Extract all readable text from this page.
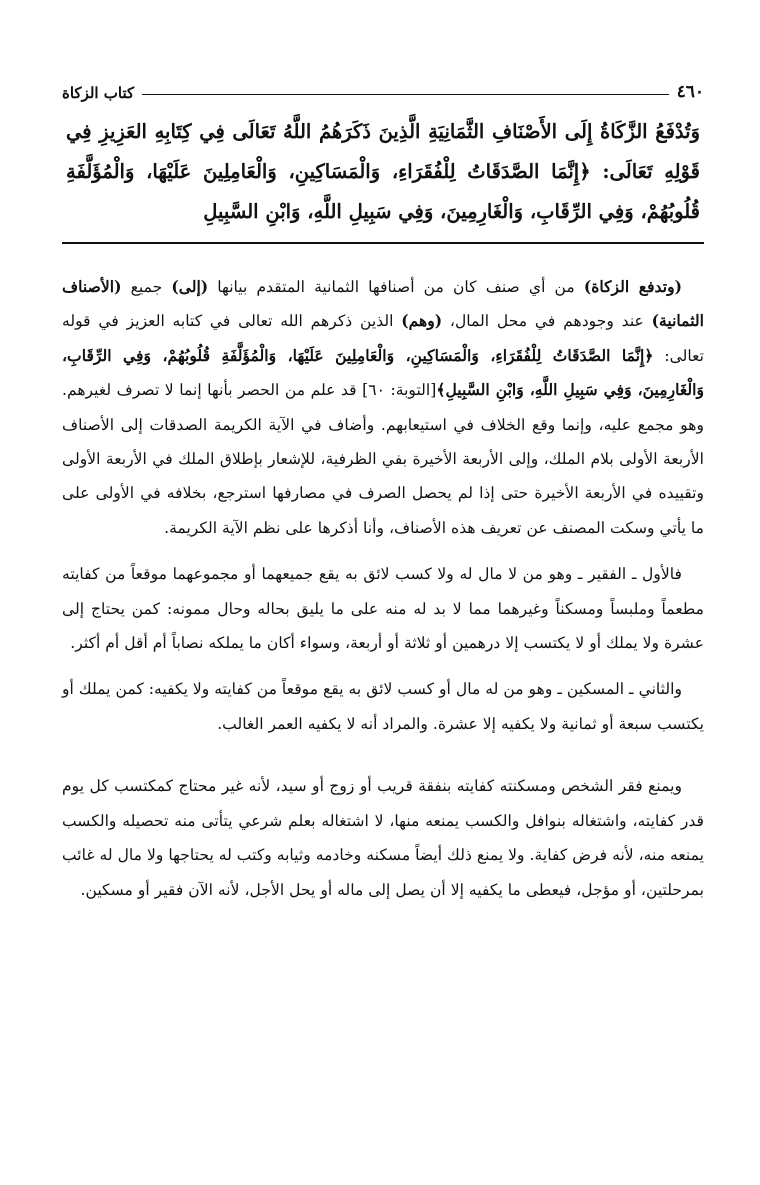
٤٦٠
كتاب الزكاة
وَتُدْفَعُ الزَّكَاةُ إِلَى الأَصْنَافِ الثَّمَانِيَةِ الَّذِينَ ذَكَرَهُمُ اللَّهُ تَعَالَى فِي كِتَابِهِ العَزِيزِ فِي قَوْلِهِ تَعَالَى: ﴿إِنَّمَا الصَّدَقَاتُ لِلْفُقَرَاءِ، وَالْمَسَاكِينِ، وَالْعَامِلِينَ عَلَيْهَا، وَالْمُؤَلَّفَةِ قُلُوبُهُمْ، وَفِي الرِّقَابِ، وَالْغَارِمِينَ، وَفِي سَبِيلِ اللَّهِ، وَابْنِ السَّبِيلِ

(وتدفع الزكاة) من أي صنف كان من أصنافها الثمانية المتقدم بيانها (إلى) جميع (الأصناف الثمانية) عند وجودهم في محل المال، (وهم) الذين ذكرهم الله تعالى في كتابه العزيز في قوله تعالى: ﴿إِنَّمَا الصَّدَقَاتُ لِلْفُقَرَاءِ، وَالْمَسَاكِينِ، وَالْعَامِلِينَ عَلَيْهَا، وَالْمُؤَلَّفَةِ قُلُوبُهُمْ، وَفِي الرِّقَابِ، وَالْغَارِمِينَ، وَفِي سَبِيلِ اللَّهِ، وَابْنِ السَّبِيلِ﴾[التوبة: ٦٠] قد علم من الحصر بأنها إنما لا تصرف لغيرهم. وهو مجمع عليه، وإنما وقع الخلاف في استيعابهم. وأضاف في الآية الكريمة الصدقات إلى الأصناف الأربعة الأولى بلام الملك، وإلى الأربعة الأخيرة بفي الظرفية، للإشعار بإطلاق الملك في الأربعة الأولى وتقييده في الأربعة الأخيرة حتى إذا لم يحصل الصرف في مصارفها استرجع، بخلافه في الأولى على ما يأتي وسكت المصنف عن تعريف هذه الأصناف، وأنا أذكرها على نظم الآية الكريمة.

فالأول ـ الفقير ـ وهو من لا مال له ولا كسب لائق به يقع جميعهما أو مجموعهما موقعاً من كفايته مطعماً وملبساً ومسكناً وغيرهما مما لا بد له منه على ما يليق بحاله وحال ممونه: كمن يحتاج إلى عشرة ولا يملك أو لا يكتسب إلا درهمين أو ثلاثة أو أربعة، وسواء أكان ما يملكه نصاباً أم أقل أم أكثر.

والثاني ـ المسكين ـ وهو من له مال أو كسب لائق به يقع موقعاً من كفايته ولا يكفيه: كمن يملك أو يكتسب سبعة أو ثمانية ولا يكفيه إلا عشرة. والمراد أنه لا يكفيه العمر الغالب.

ويمنع فقر الشخص ومسكنته كفايته بنفقة قريب أو زوج أو سيد، لأنه غير محتاج كمكتسب كل يوم قدر كفايته، واشتغاله بنوافل والكسب يمنعه منها، لا اشتغاله بعلم شرعي يتأتى منه تحصيله والكسب يمنعه منه، لأنه فرض كفاية. ولا يمنع ذلك أيضاً مسكنه وخادمه وثيابه وكتب له يحتاجها ولا مال له غائب بمرحلتين، أو مؤجل، فيعطى ما يكفيه إلا أن يصل إلى ماله أو يحل الأجل، لأنه الآن فقير أو مسكين.
